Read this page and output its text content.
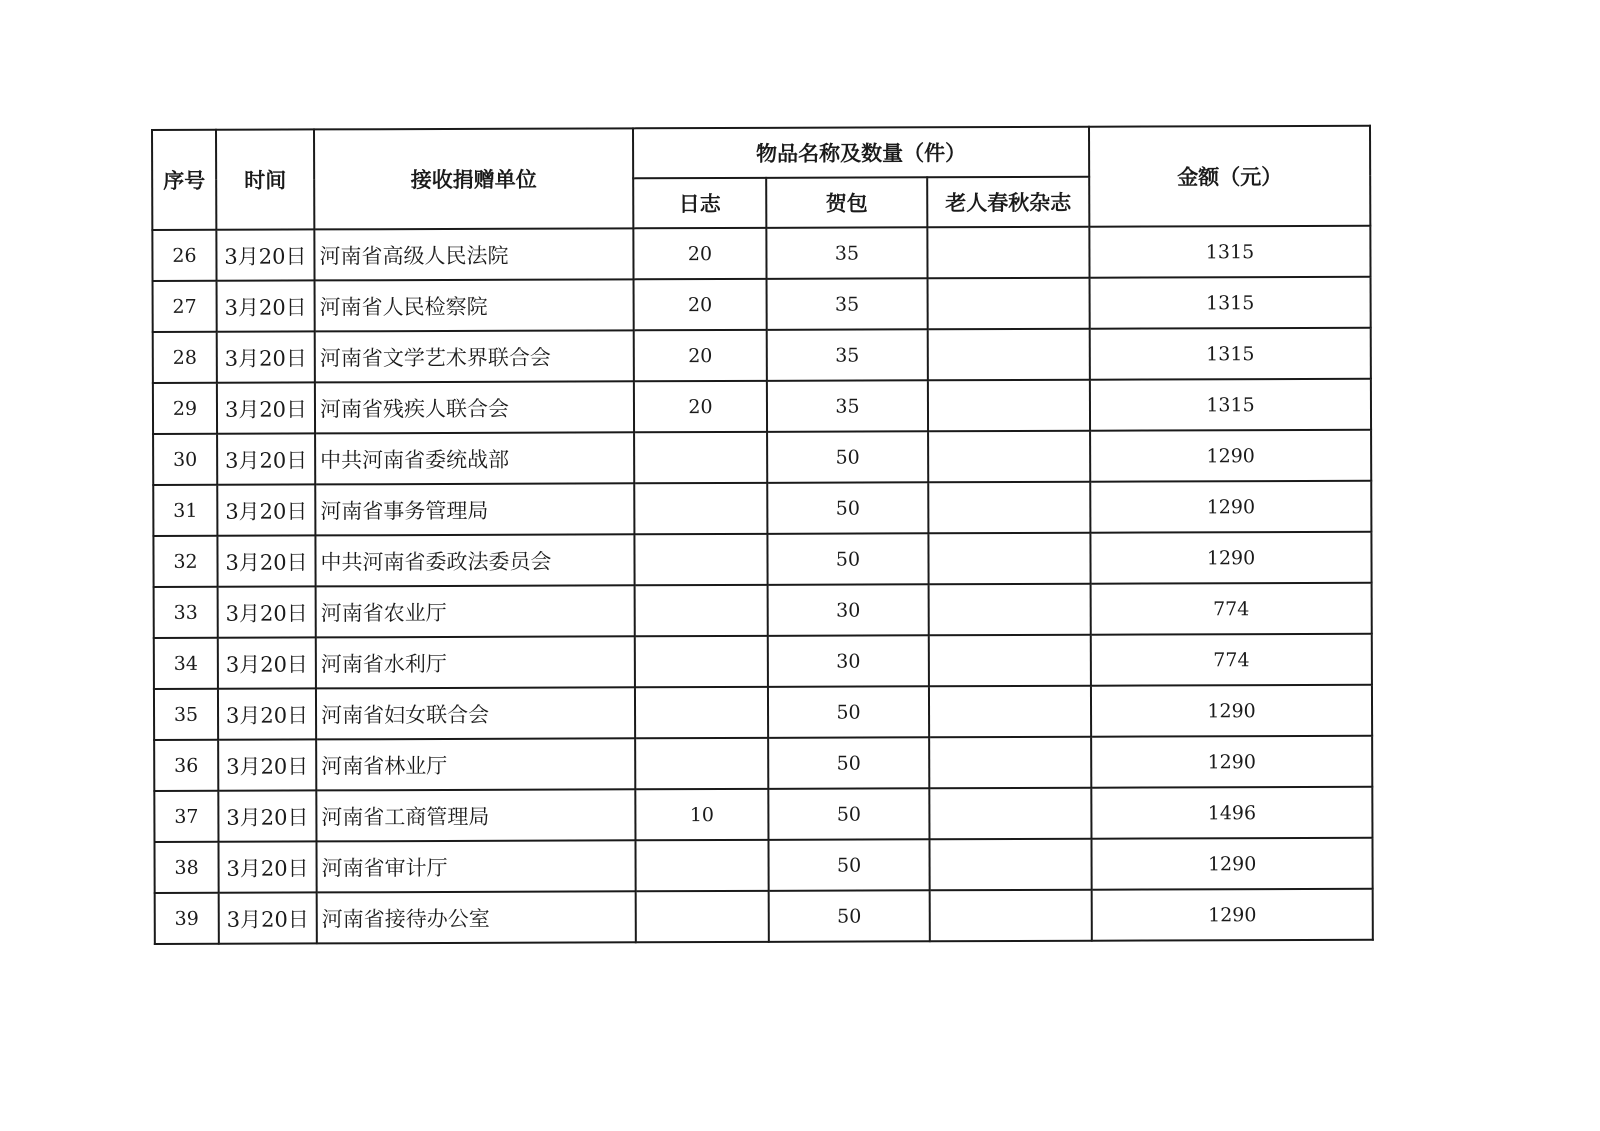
序号	时间	接收捐赠单位	物品名称及数量（件）			金额（元）
			日志	贺包	老人春秋杂志	
26	3月20日	河南省高级人民法院	20	35		1315
27	3月20日	河南省人民检察院	20	35		1315
28	3月20日	河南省文学艺术界联合会	20	35		1315
29	3月20日	河南省残疾人联合会	20	35		1315
30	3月20日	中共河南省委统战部		50		1290
31	3月20日	河南省事务管理局		50		1290
32	3月20日	中共河南省委政法委员会		50		1290
33	3月20日	河南省农业厅		30		774
34	3月20日	河南省水利厅		30		774
35	3月20日	河南省妇女联合会		50		1290
36	3月20日	河南省林业厅		50		1290
37	3月20日	河南省工商管理局	10	50		1496
38	3月20日	河南省审计厅		50		1290
39	3月20日	河南省接待办公室		50		1290
